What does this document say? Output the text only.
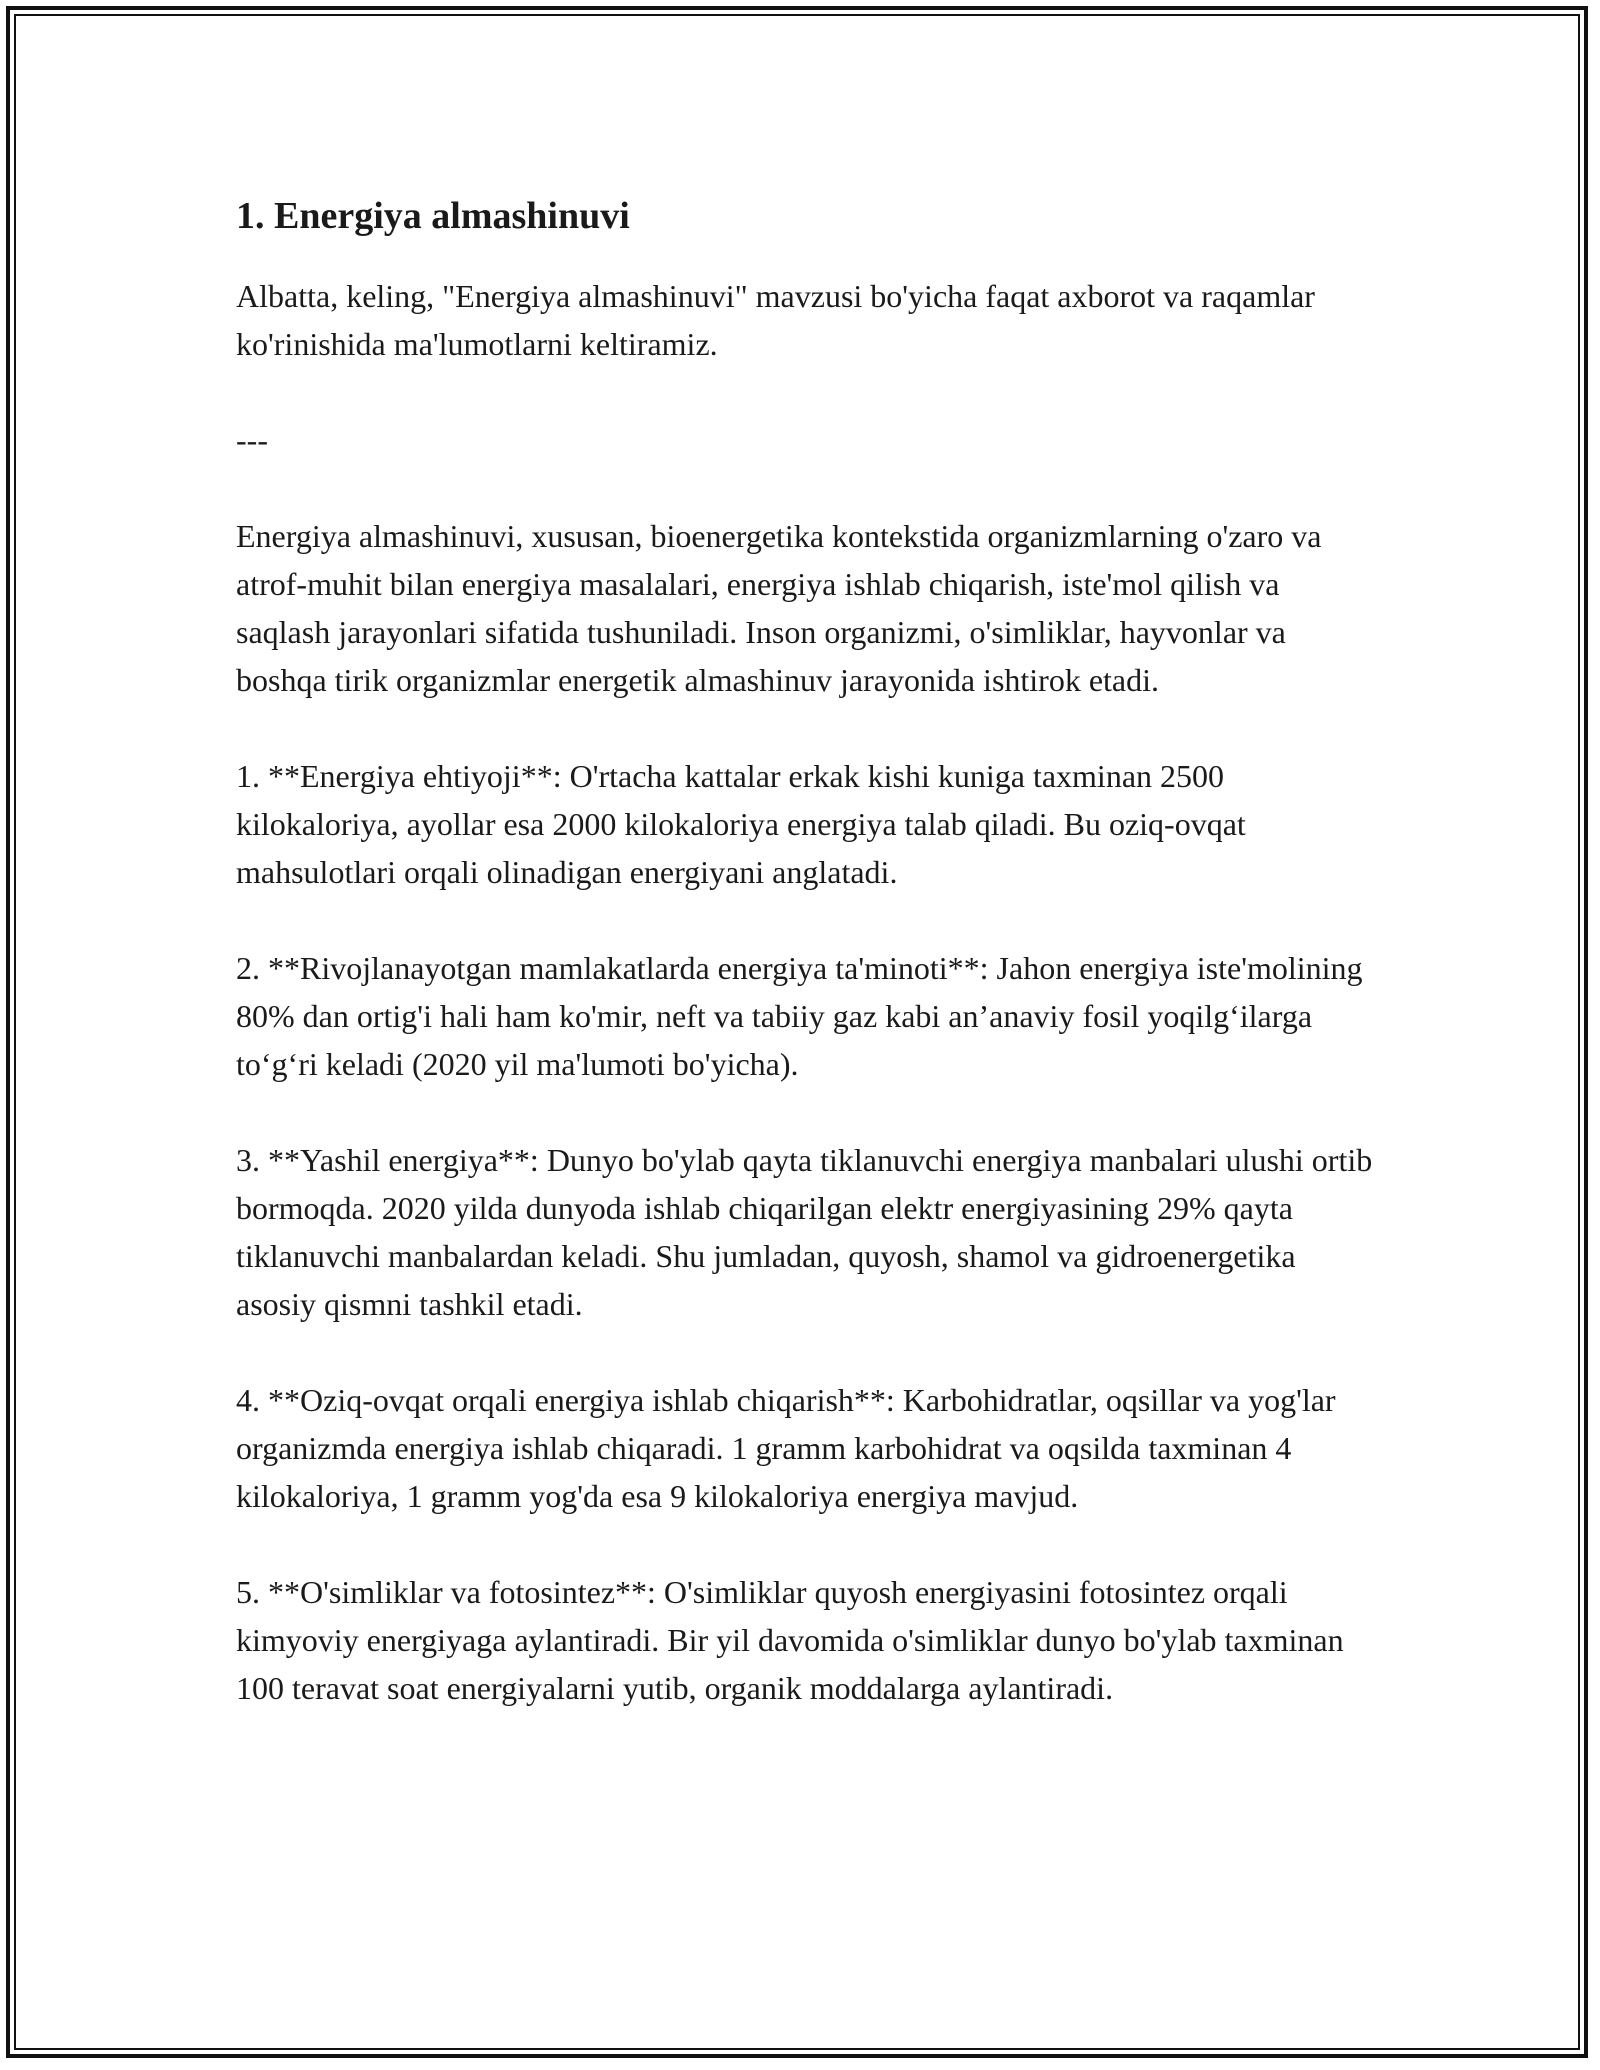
1. Energiya almashinuvi

Albatta, keling, "Energiya almashinuvi" mavzusi bo'yicha faqat axborot va raqamlar ko'rinishida ma'lumotlarni keltiramiz.

---

Energiya almashinuvi, xususan, bioenergetika kontekstida organizmlarning o'zaro va atrof-muhit bilan energiya masalalari, energiya ishlab chiqarish, iste'mol qilish va saqlash jarayonlari sifatida tushuniladi. Inson organizmi, o'simliklar, hayvonlar va boshqa tirik organizmlar energetik almashinuv jarayonida ishtirok etadi.

1. **Energiya ehtiyoji**: O'rtacha kattalar erkak kishi kuniga taxminan 2500 kilokaloriya, ayollar esa 2000 kilokaloriya energiya talab qiladi. Bu oziq-ovqat mahsulotlari orqali olinadigan energiyani anglatadi.

2. **Rivojlanayotgan mamlakatlarda energiya ta'minoti**: Jahon energiya iste'molining 80% dan ortig'i hali ham ko'mir, neft va tabiiy gaz kabi an’anaviy fosil yoqilg‘ilarga to‘g‘ri keladi (2020 yil ma'lumoti bo'yicha).

3. **Yashil energiya**: Dunyo bo'ylab qayta tiklanuvchi energiya manbalari ulushi ortib bormoqda. 2020 yilda dunyoda ishlab chiqarilgan elektr energiyasining 29% qayta tiklanuvchi manbalardan keladi. Shu jumladan, quyosh, shamol va gidroenergetika asosiy qismni tashkil etadi.

4. **Oziq-ovqat orqali energiya ishlab chiqarish**: Karbohidratlar, oqsillar va yog'lar organizmda energiya ishlab chiqaradi. 1 gramm karbohidrat va oqsilda taxminan 4 kilokaloriya, 1 gramm yog'da esa 9 kilokaloriya energiya mavjud.

5. **O'simliklar va fotosintez**: O'simliklar quyosh energiyasini fotosintez orqali kimyoviy energiyaga aylantiradi. Bir yil davomida o'simliklar dunyo bo'ylab taxminan 100 teravat soat energiyalarni yutib, organik moddalarga aylantiradi.
